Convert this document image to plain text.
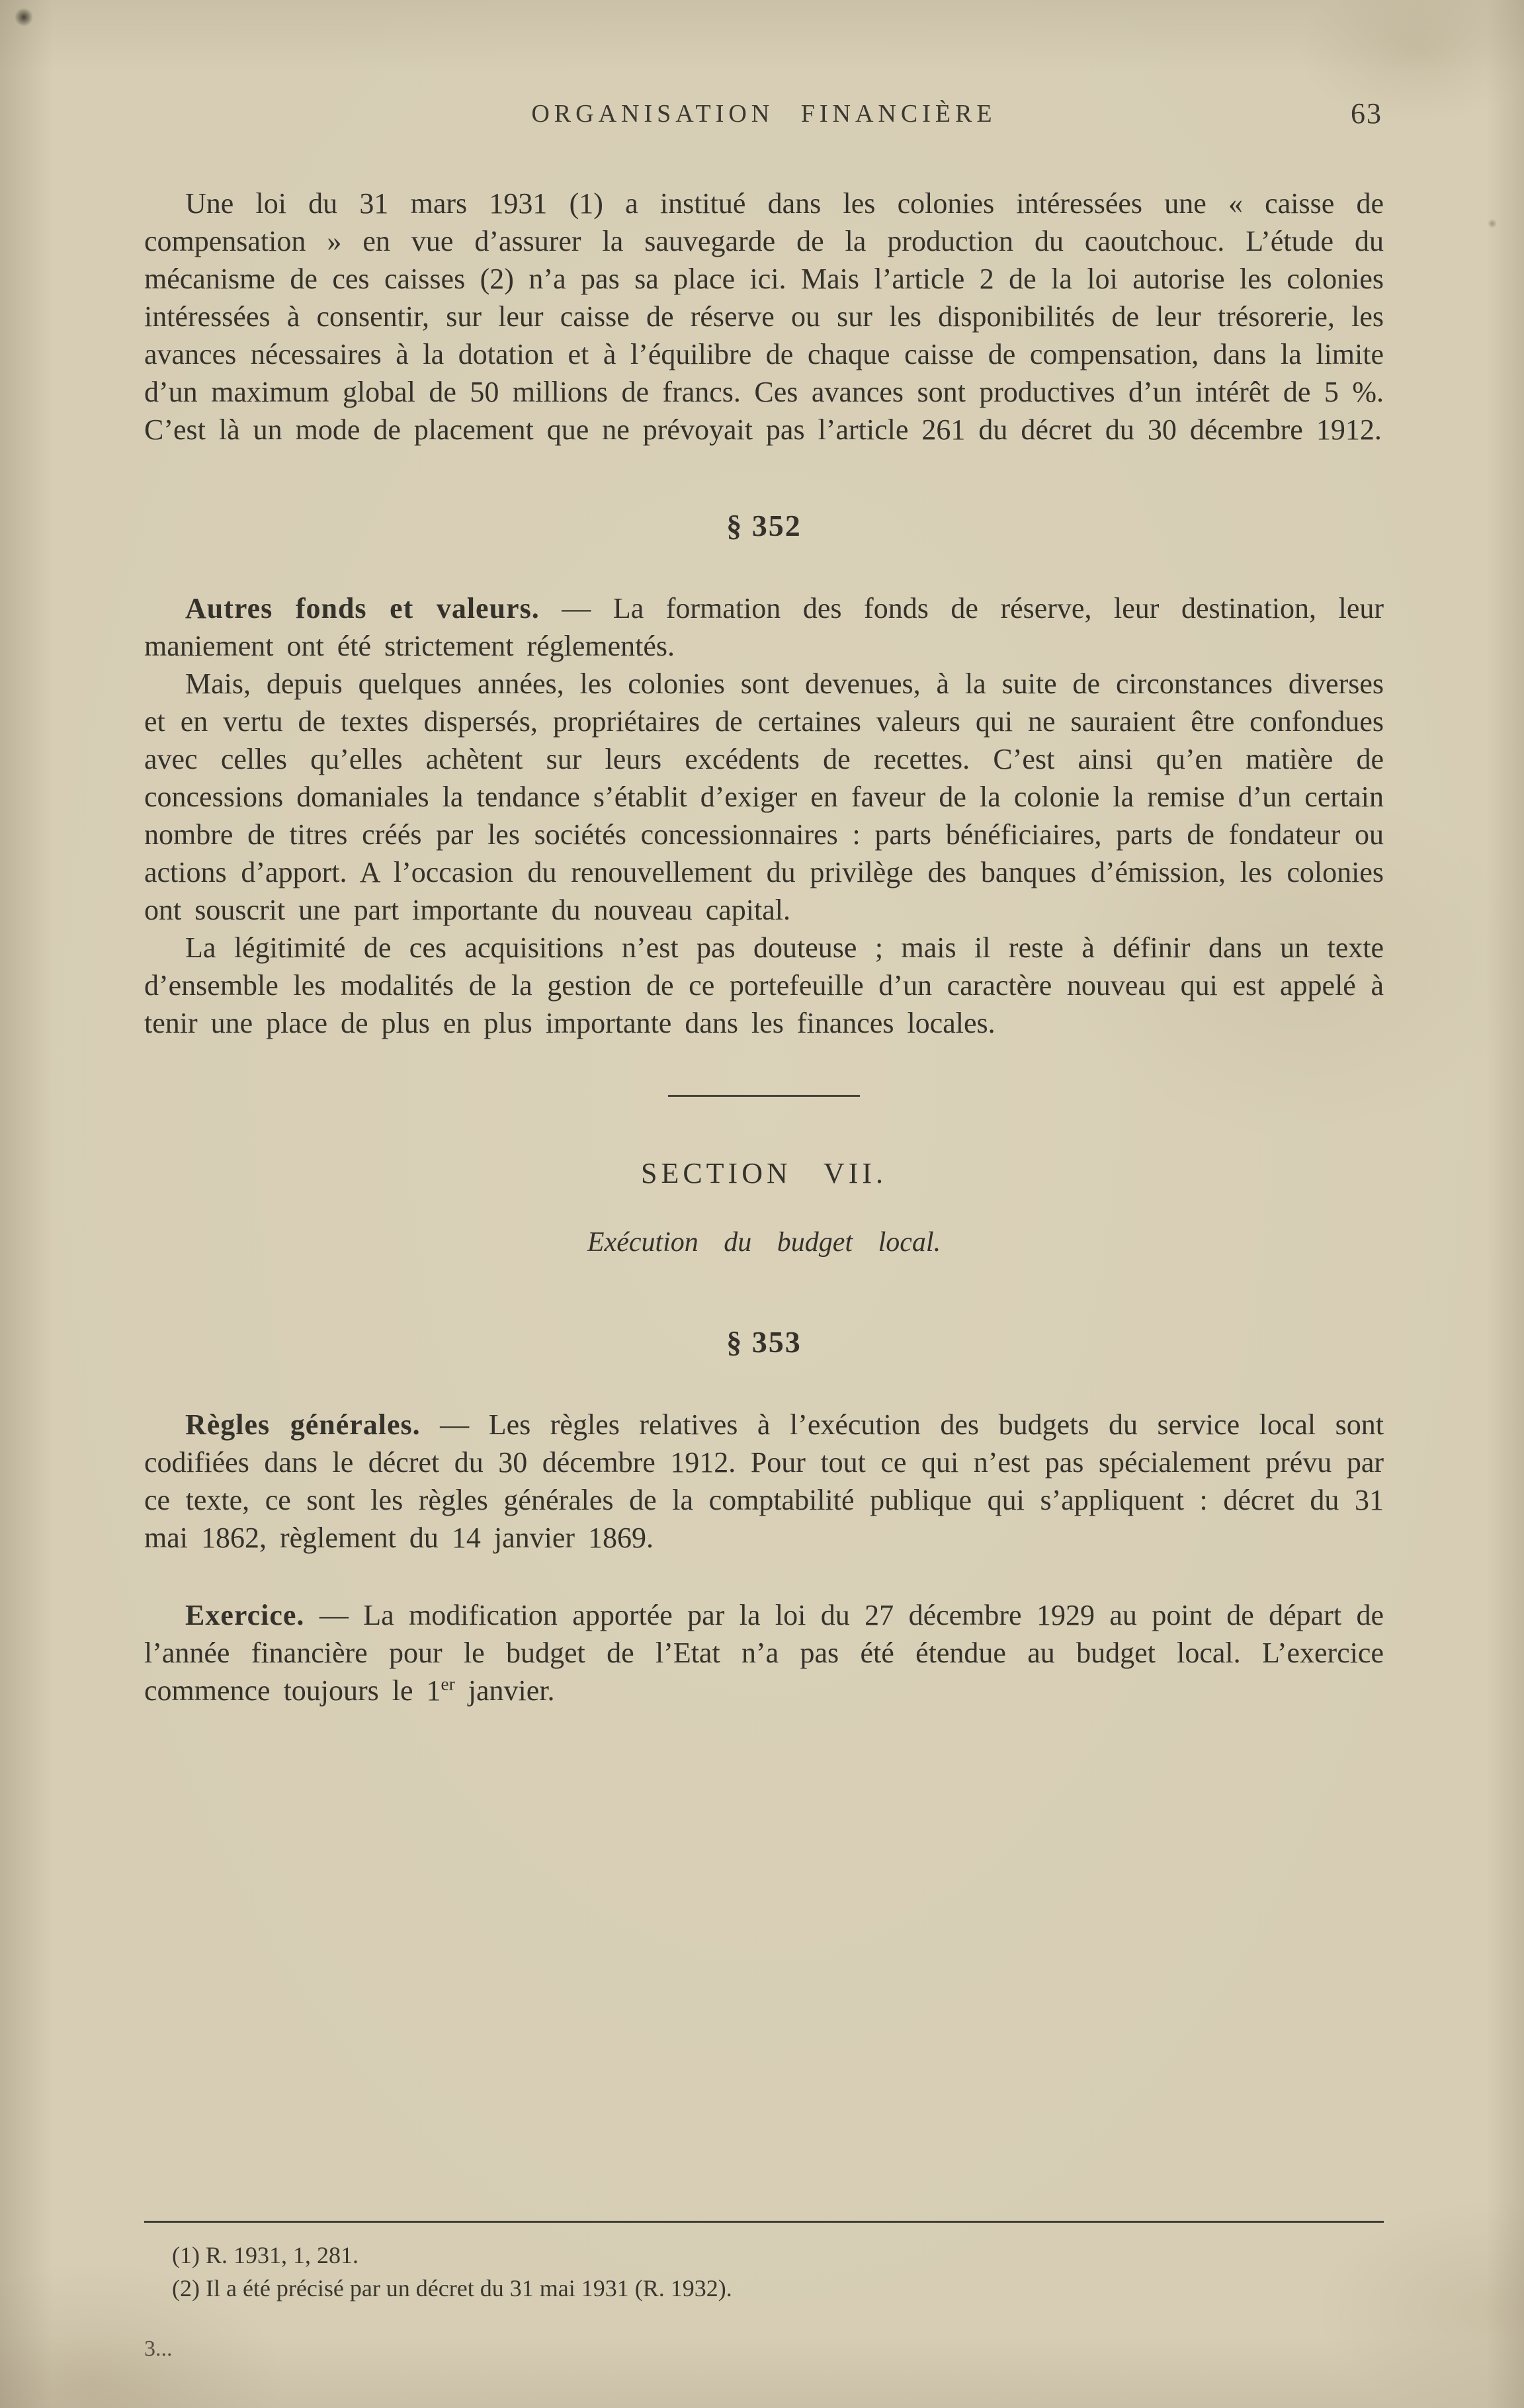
ORGANISATION FINANCIÈRE	63

Une loi du 31 mars 1931 (1) a institué dans les colonies intéressées une « caisse de compensation » en vue d’assurer la sauvegarde de la production du caoutchouc. L’étude du mécanisme de ces caisses (2) n’a pas sa place ici. Mais l’article 2 de la loi autorise les colonies intéressées à consentir, sur leur caisse de réserve ou sur les disponibilités de leur trésorerie, les avances nécessaires à la dotation et à l’équilibre de chaque caisse de compensation, dans la limite d’un maximum global de 50 millions de francs. Ces avances sont productives d’un intérêt de 5 %. C’est là un mode de placement que ne prévoyait pas l’article 261 du décret du 30 décembre 1912.

§ 352

Autres fonds et valeurs. — La formation des fonds de réserve, leur destination, leur maniement ont été strictement réglementés.

Mais, depuis quelques années, les colonies sont devenues, à la suite de circonstances diverses et en vertu de textes dispersés, propriétaires de certaines valeurs qui ne sauraient être confondues avec celles qu’elles achètent sur leurs excédents de recettes. C’est ainsi qu’en matière de concessions domaniales la tendance s’établit d’exiger en faveur de la colonie la remise d’un certain nombre de titres créés par les sociétés concessionnaires : parts bénéficiaires, parts de fondateur ou actions d’apport. A l’occasion du renouvellement du privilège des banques d’émission, les colonies ont souscrit une part importante du nouveau capital.

La légitimité de ces acquisitions n’est pas douteuse ; mais il reste à définir dans un texte d’ensemble les modalités de la gestion de ce portefeuille d’un caractère nouveau qui est appelé à tenir une place de plus en plus importante dans les finances locales.

SECTION VII.

Exécution du budget local.

§ 353

Règles générales. — Les règles relatives à l’exécution des budgets du service local sont codifiées dans le décret du 30 décembre 1912. Pour tout ce qui n’est pas spécialement prévu par ce texte, ce sont les règles générales de la comptabilité publique qui s’appliquent : décret du 31 mai 1862, règlement du 14 janvier 1869.

Exercice. — La modification apportée par la loi du 27 décembre 1929 au point de départ de l’année financière pour le budget de l’Etat n’a pas été étendue au budget local. L’exercice commence toujours le 1er janvier.

(1) R. 1931, 1, 281.

(2) Il a été précisé par un décret du 31 mai 1931 (R. 1932).

3...
